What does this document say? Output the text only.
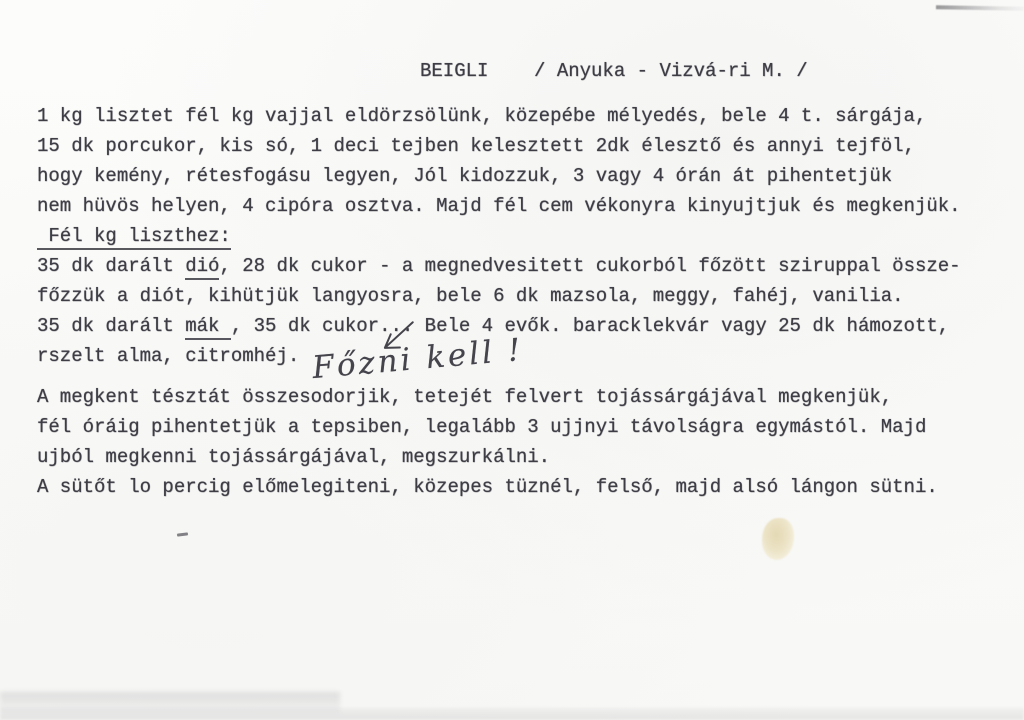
BEIGLI    / Anyuka - Vizvá-ri M. /
1 kg lisztet fél kg vajjal eldörzsölünk, közepébe mélyedés, bele 4 t. sárgája,
15 dk porcukor, kis só, 1 deci tejben kelesztett 2dk élesztő és annyi tejföl,
hogy kemény, rétesfogásu legyen, Jól kidozzuk, 3 vagy 4 órán át pihentetjük
nem hüvös helyen, 4 cipóra osztva. Majd fél cem vékonyra kinyujtjuk és megkenjük.
Fél kg liszthez:
35 dk darált dió, 28 dk cukor - a megnedvesitett cukorból főzött sziruppal össze-
főzzük a diót, kihütjük langyosra, bele 6 dk mazsola, meggy, fahéj, vanilia.
35 dk darált mák , 35 dk cukor... Bele 4 evők. baracklekvár vagy 25 dk hámozott,
rszelt alma, citromhéj.
A megkent tésztát összesodorjik, tetejét felvert tojássárgájával megkenjük,
fél óráig pihentetjük a tepsiben, legalább 3 ujjnyi távolságra egymástól. Majd
ujból megkenni tojássárgájával, megszurkálni.
A sütőt lo percig előmelegiteni, közepes tüznél, felső, majd alsó lángon sütni.
Főzni kell !
